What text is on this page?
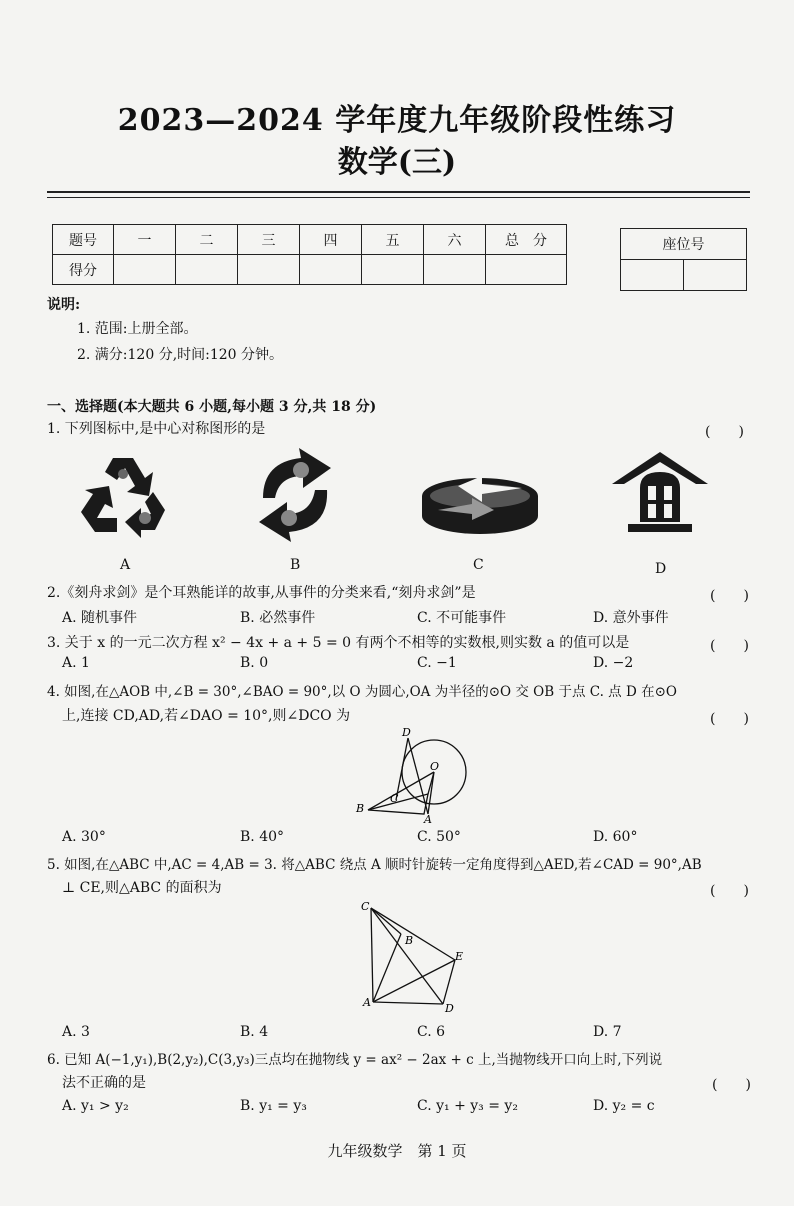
2023—2024 学年度九年级阶段性练习
数学(三)
题号	一	二	三	四	五	六	总　分
得分							
座位号

说明:
1. 范围:上册全部。
2. 满分:120 分,时间:120 分钟。
一、选择题(本大题共 6 小题,每小题 3 分,共 18 分)
1. 下列图标中,是中心对称图形的是	(　　)
A	B	C	D
2.《刻舟求剑》是个耳熟能详的故事,从事件的分类来看,“刻舟求剑”是	(　　)
A. 随机事件	B. 必然事件	C. 不可能事件	D. 意外事件
3. 关于 x 的一元二次方程 x² − 4x + a + 5 = 0 有两个不相等的实数根,则实数 a 的值可以是	(　　)
A. 1	B. 0	C. −1	D. −2
4. 如图,在△AOB 中,∠B = 30°,∠BAO = 90°,以 O 为圆心,OA 为半径的⊙O 交 OB 于点 C. 点 D 在⊙O
上,连接 CD,AD,若∠DAO = 10°,则∠DCO 为	(　　)
D
O
C
B
A
A. 30°	B. 40°	C. 50°	D. 60°
5. 如图,在△ABC 中,AC = 4,AB = 3. 将△ABC 绕点 A 顺时针旋转一定角度得到△AED,若∠CAD = 90°,AB
⊥ CE,则△ABC 的面积为	(　　)
C
B
E
A	D
A. 3	B. 4	C. 6	D. 7
6. 已知 A(−1,y₁),B(2,y₂),C(3,y₃)三点均在抛物线 y = ax² − 2ax + c 上,当抛物线开口向上时,下列说
法不正确的是	(　　)
A. y₁ > y₂	B. y₁ = y₃	C. y₁ + y₃ = y₂	D. y₂ = c
九年级数学　第 1 页
